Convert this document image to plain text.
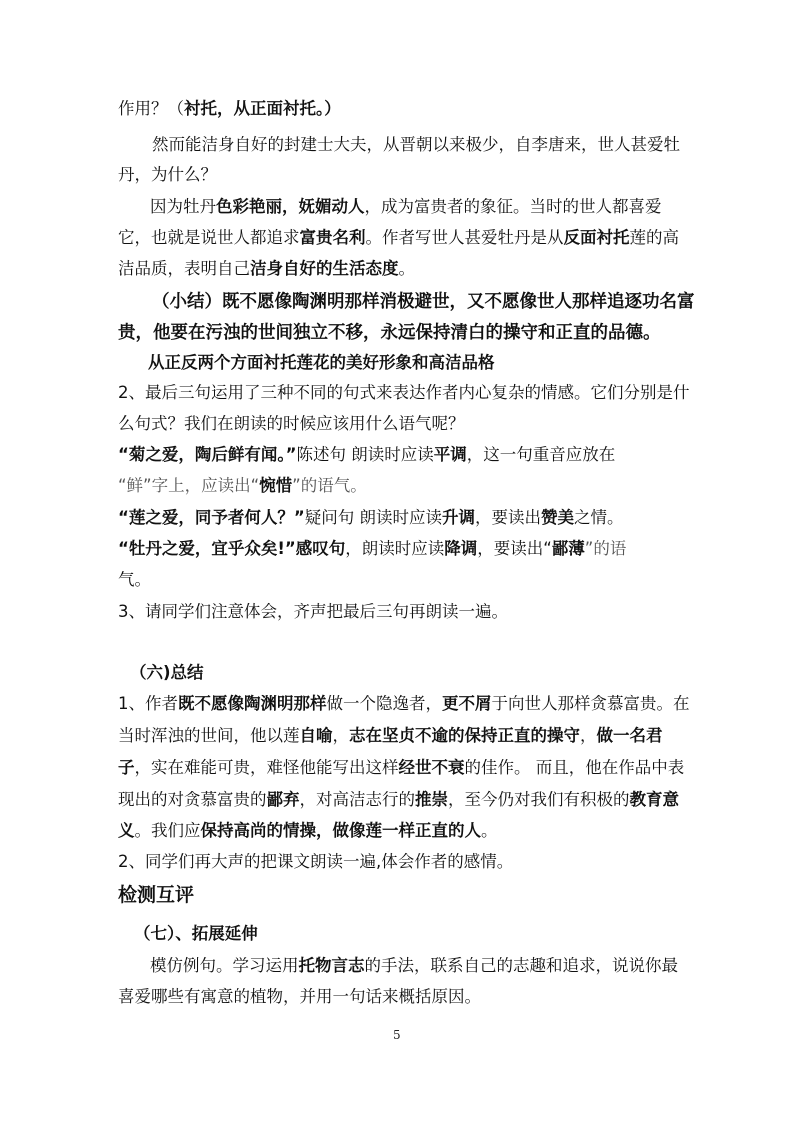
作用？（衬托，从正面衬托。）
然而能洁身自好的封建士大夫，从晋朝以来极少，自李唐来，世人甚爱牡
丹，为什么？
因为牡丹色彩艳丽，妩媚动人，成为富贵者的象征。当时的世人都喜爱
它，也就是说世人都追求富贵名利。作者写世人甚爱牡丹是从反面衬托莲的高
洁品质，表明自己洁身自好的生活态度。
（小结）既不愿像陶渊明那样消极避世，又不愿像世人那样追逐功名富
贵，他要在污浊的世间独立不移，永远保持清白的操守和正直的品德。
从正反两个方面衬托莲花的美好形象和高洁品格
2、最后三句运用了三种不同的句式来表达作者内心复杂的情感。它们分别是什
么句式？我们在朗读的时候应该用什么语气呢？
“菊之爱，陶后鲜有闻。”陈述句 朗读时应读平调，这一句重音应放在
“鲜”字上，应读出“惋惜”的语气。
“莲之爱，同予者何人？”疑问句 朗读时应读升调，要读出赞美之情。
“牡丹之爱，宜乎众矣!”感叹句，朗读时应读降调，要读出“鄙薄”的语
气。
3、请同学们注意体会，齐声把最后三句再朗读一遍。
（六)总结
1、作者既不愿像陶渊明那样做一个隐逸者，更不屑于向世人那样贪慕富贵。在
当时浑浊的世间，他以莲自喻，志在坚贞不逾的保持正直的操守，做一名君
子，实在难能可贵，难怪他能写出这样经世不衰的佳作。 而且，他在作品中表
现出的对贪慕富贵的鄙弃，对高洁志行的推崇，至今仍对我们有积极的教育意
义。我们应保持高尚的情操，做像莲一样正直的人。
2、同学们再大声的把课文朗读一遍,体会作者的感情。
检测互评
（七）、拓展延伸
模仿例句。学习运用托物言志的手法，联系自己的志趣和追求，说说你最
喜爱哪些有寓意的植物，并用一句话来概括原因。
5
